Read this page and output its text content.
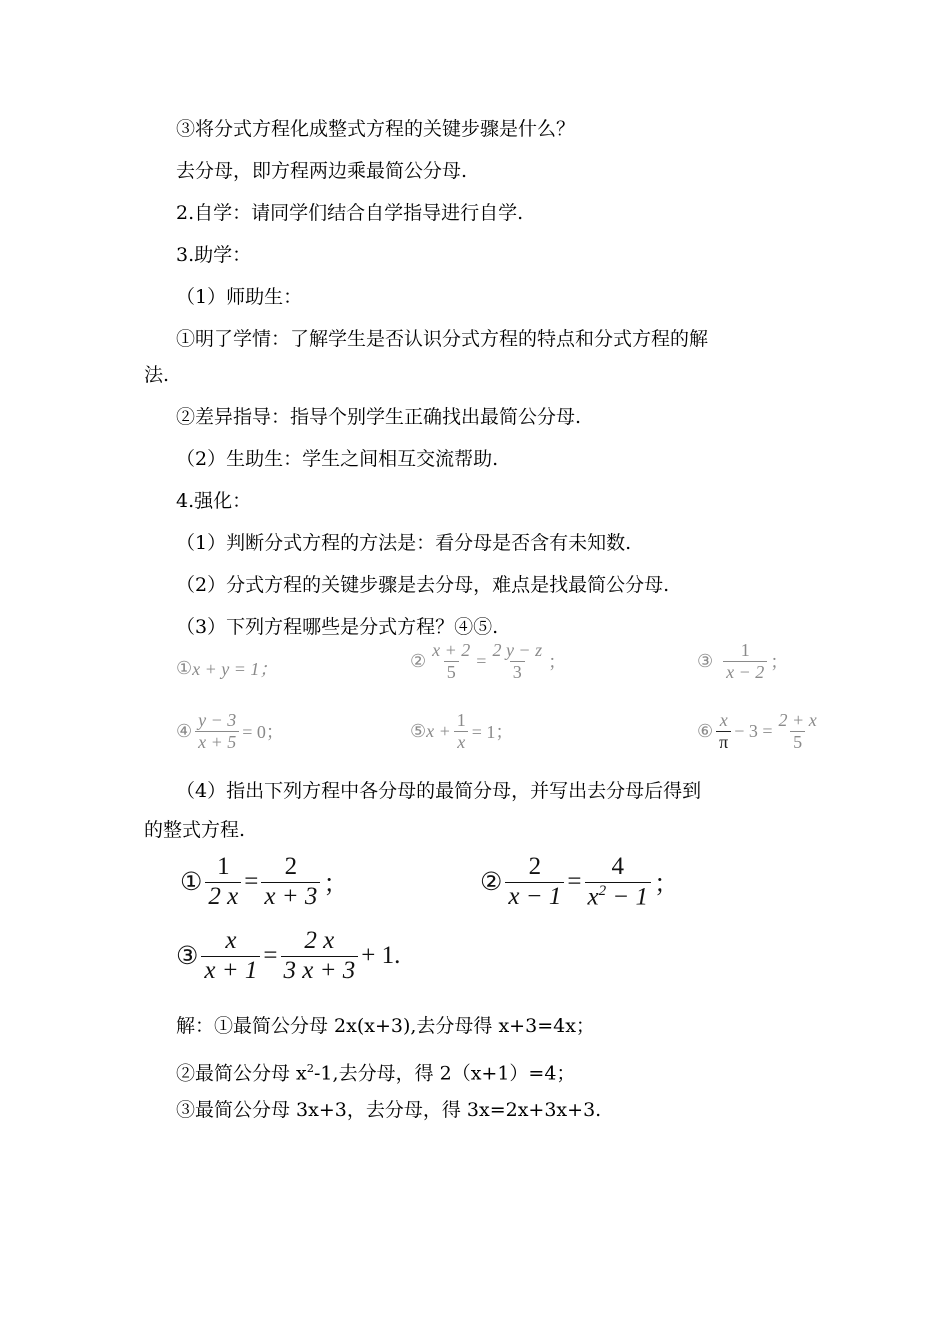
③将分式方程化成整式方程的关键步骤是什么？
去分母，即方程两边乘最简公分母.
2.自学：请同学们结合自学指导进行自学.
3.助学：
（1）师助生：
①明了学情：了解学生是否认识分式方程的特点和分式方程的解
法.
②差异指导：指导个别学生正确找出最简公分母.
（2）生助生：学生之间相互交流帮助.
4.强化：
（1）判断分式方程的方法是：看分母是否含有未知数.
（2）分式方程的关键步骤是去分母，难点是找最简公分母.
（3）下列方程哪些是分式方程？④⑤.
① x + y = 1；	② $\frac{x + 2}{5} = \frac{2 y - z}{3}$ ；	③ $\frac{1}{x - 2}$ ；
④ $\frac{y - 3}{x + 5} = 0$；	⑤ $x + \frac{1}{x} = 1$；	⑥ $\frac{x}{\pi} - 3 = \frac{2 + x}{5}$
（4）指出下列方程中各分母的最简分母，并写出去分母后得到
的整式方程.
① $\frac{1}{2 x} = \frac{2}{x + 3}$ ；	② $\frac{2}{x - 1} = \frac{4}{x^2 - 1}$ ；
③ $\frac{x}{x + 1} = \frac{2 x}{3 x + 3} + 1$.
解：①最简公分母 2x(x+3),去分母得 x+3=4x；
②最简公分母 $x^2-1$,去分母，得 2（x+1）=4；
③最简公分母 3x+3，去分母，得 3x=2x+3x+3.
